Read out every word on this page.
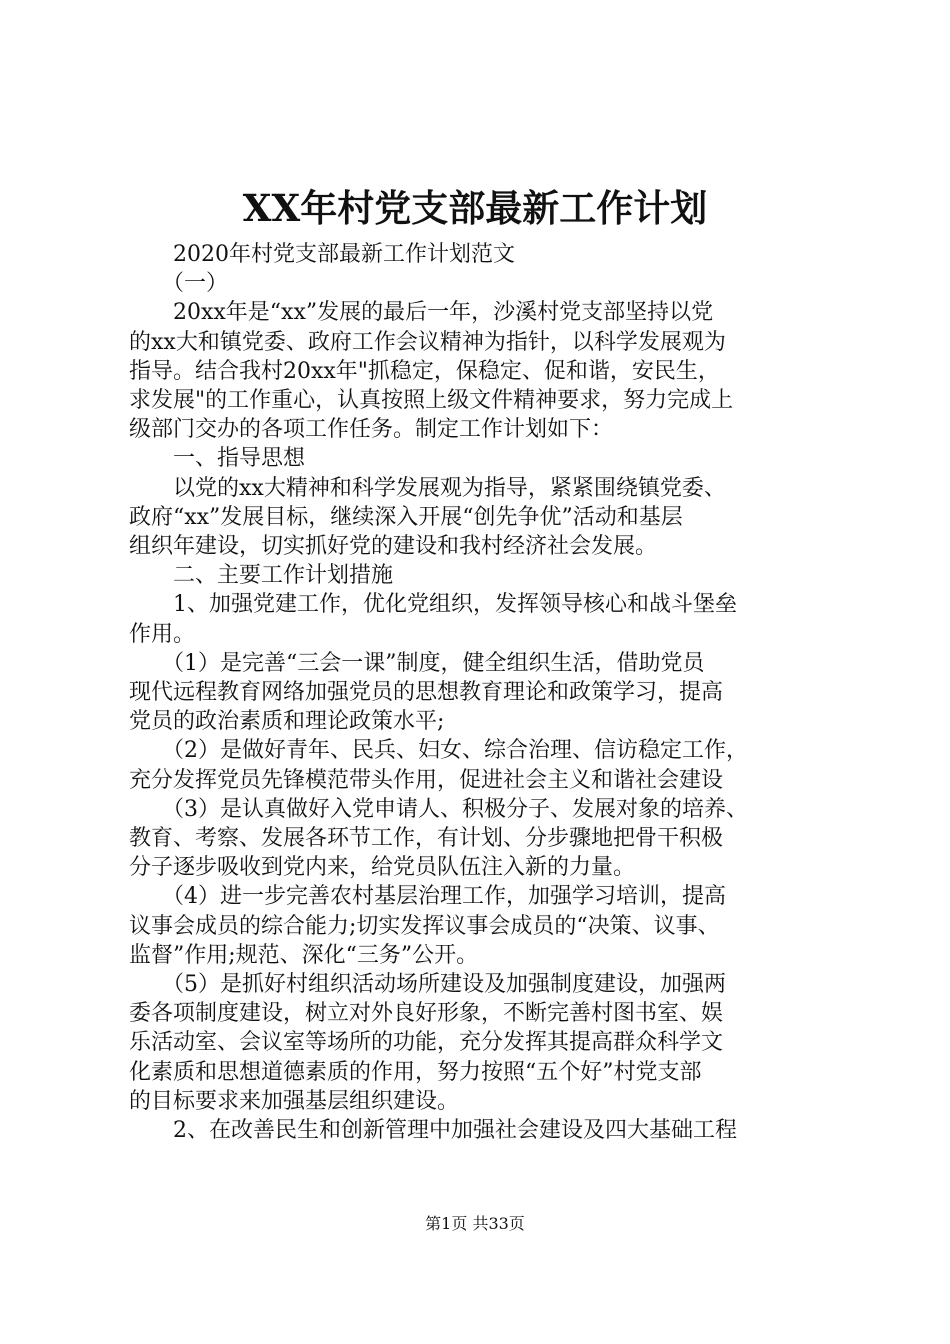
XX年村党支部最新工作计划

　　2020年村党支部最新工作计划范文

　　（一）

　　20xx年是“xx”发展的最后一年，沙溪村党支部坚持以党

的xx大和镇党委、政府工作会议精神为指针，以科学发展观为

指导。结合我村20xx年"抓稳定，保稳定、促和谐，安民生，

求发展"的工作重心，认真按照上级文件精神要求，努力完成上

级部门交办的各项工作任务。制定工作计划如下：

　　一、指导思想

　　以党的xx大精神和科学发展观为指导，紧紧围绕镇党委、

政府“xx”发展目标，继续深入开展“创先争优”活动和基层

组织年建设，切实抓好党的建设和我村经济社会发展。

　　二、主要工作计划措施

　　1、加强党建工作，优化党组织，发挥领导核心和战斗堡垒

作用。

　　（1）是完善“三会一课”制度，健全组织生活，借助党员

现代远程教育网络加强党员的思想教育理论和政策学习，提高

党员的政治素质和理论政策水平;

　　（2）是做好青年、民兵、妇女、综合治理、信访稳定工作，

充分发挥党员先锋模范带头作用，促进社会主义和谐社会建设

　　（3）是认真做好入党申请人、积极分子、发展对象的培养、

教育、考察、发展各环节工作，有计划、分步骤地把骨干积极

分子逐步吸收到党内来，给党员队伍注入新的力量。

　　（4）进一步完善农村基层治理工作，加强学习培训，提高

议事会成员的综合能力;切实发挥议事会成员的“决策、议事、

监督”作用;规范、深化“三务”公开。

　　（5）是抓好村组织活动场所建设及加强制度建设，加强两

委各项制度建设，树立对外良好形象，不断完善村图书室、娱

乐活动室、会议室等场所的功能，充分发挥其提高群众科学文

化素质和思想道德素质的作用，努力按照“五个好”村党支部

的目标要求来加强基层组织建设。

　　2、在改善民生和创新管理中加强社会建设及四大基础工程

第1页 共33页
